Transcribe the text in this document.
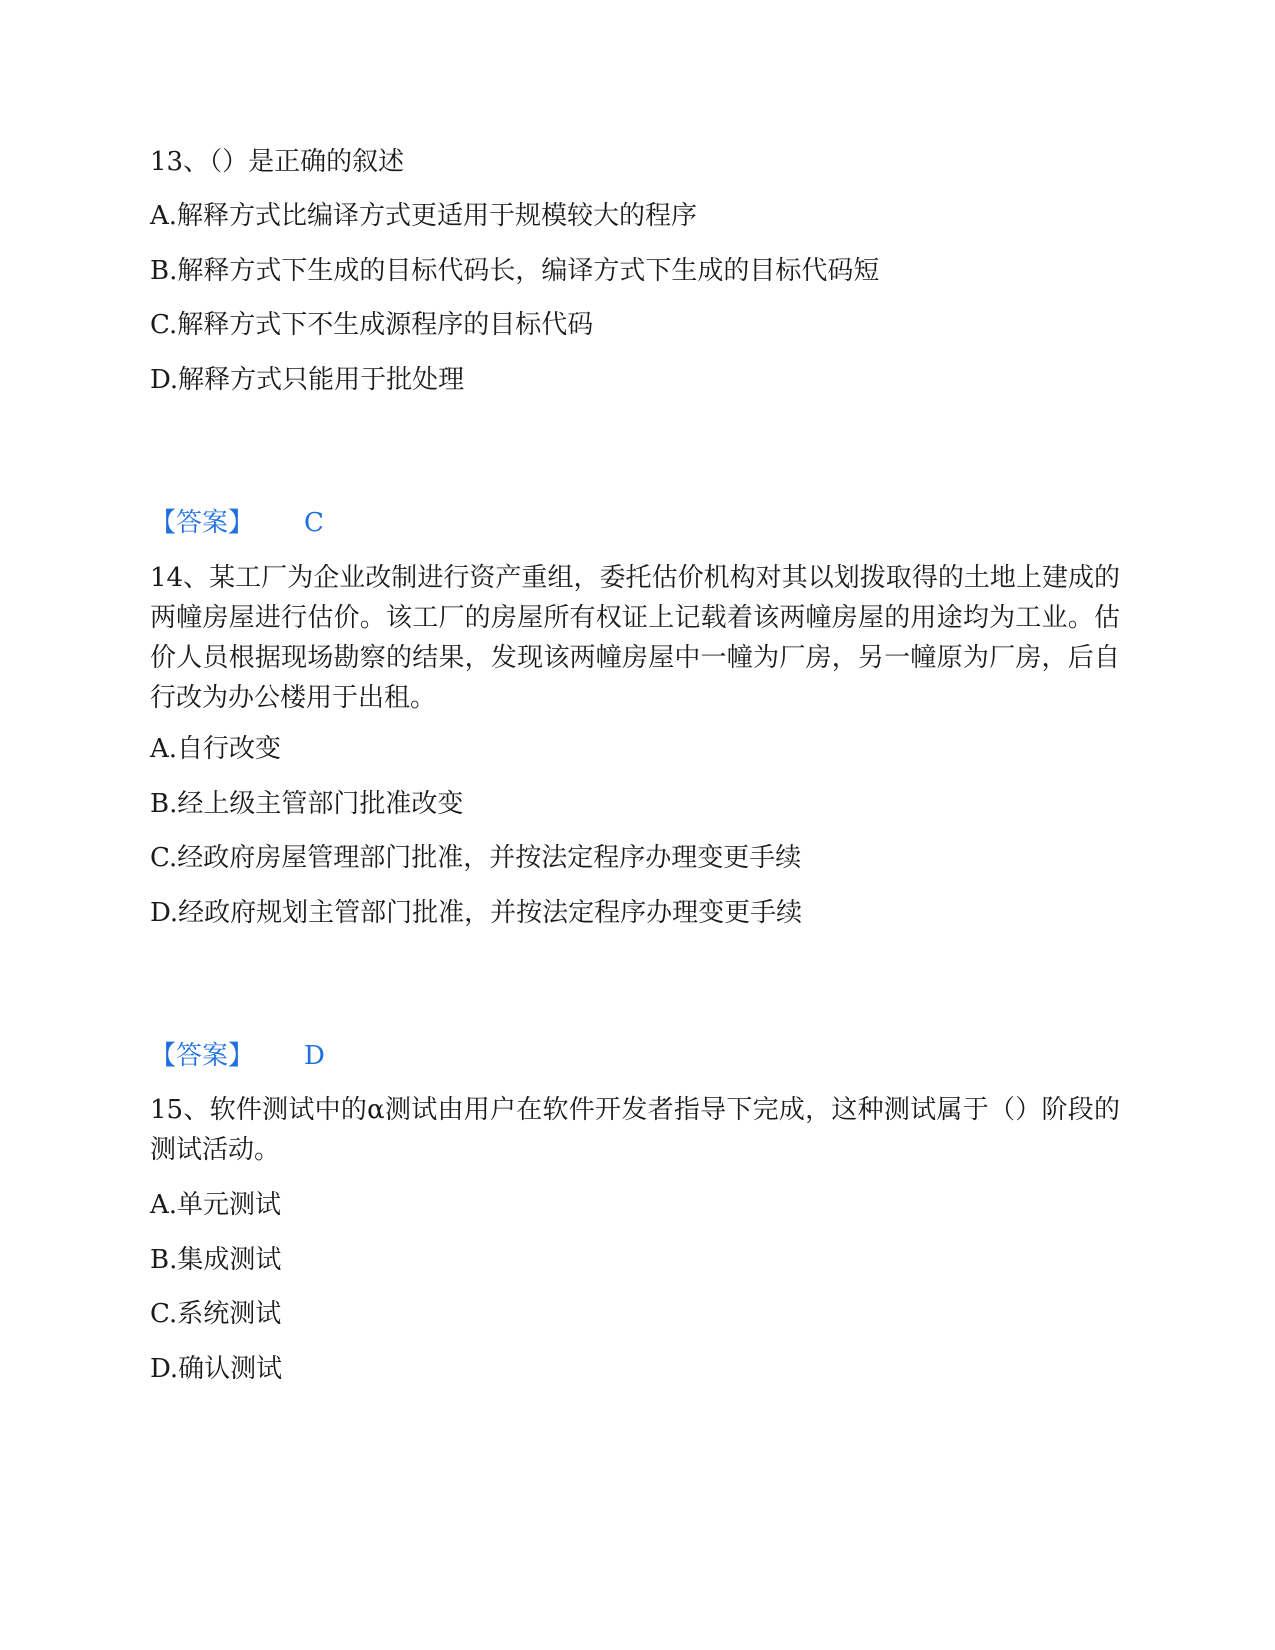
13、（）是正确的叙述
A.解释方式比编译方式更适用于规模较大的程序
B.解释方式下生成的目标代码长，编译方式下生成的目标代码短
C.解释方式下不生成源程序的目标代码
D.解释方式只能用于批处理
【答案】 C
14、某工厂为企业改制进行资产重组，委托估价机构对其以划拨取得的土地上建成的两幢房屋进行估价。该工厂的房屋所有权证上记载着该两幢房屋的用途均为工业。估价人员根据现场勘察的结果，发现该两幢房屋中一幢为厂房，另一幢原为厂房，后自行改为办公楼用于出租。
A.自行改变
B.经上级主管部门批准改变
C.经政府房屋管理部门批准，并按法定程序办理变更手续
D.经政府规划主管部门批准，并按法定程序办理变更手续
【答案】 D
15、软件测试中的α测试由用户在软件开发者指导下完成，这种测试属于（）阶段的测试活动。
A.单元测试
B.集成测试
C.系统测试
D.确认测试
